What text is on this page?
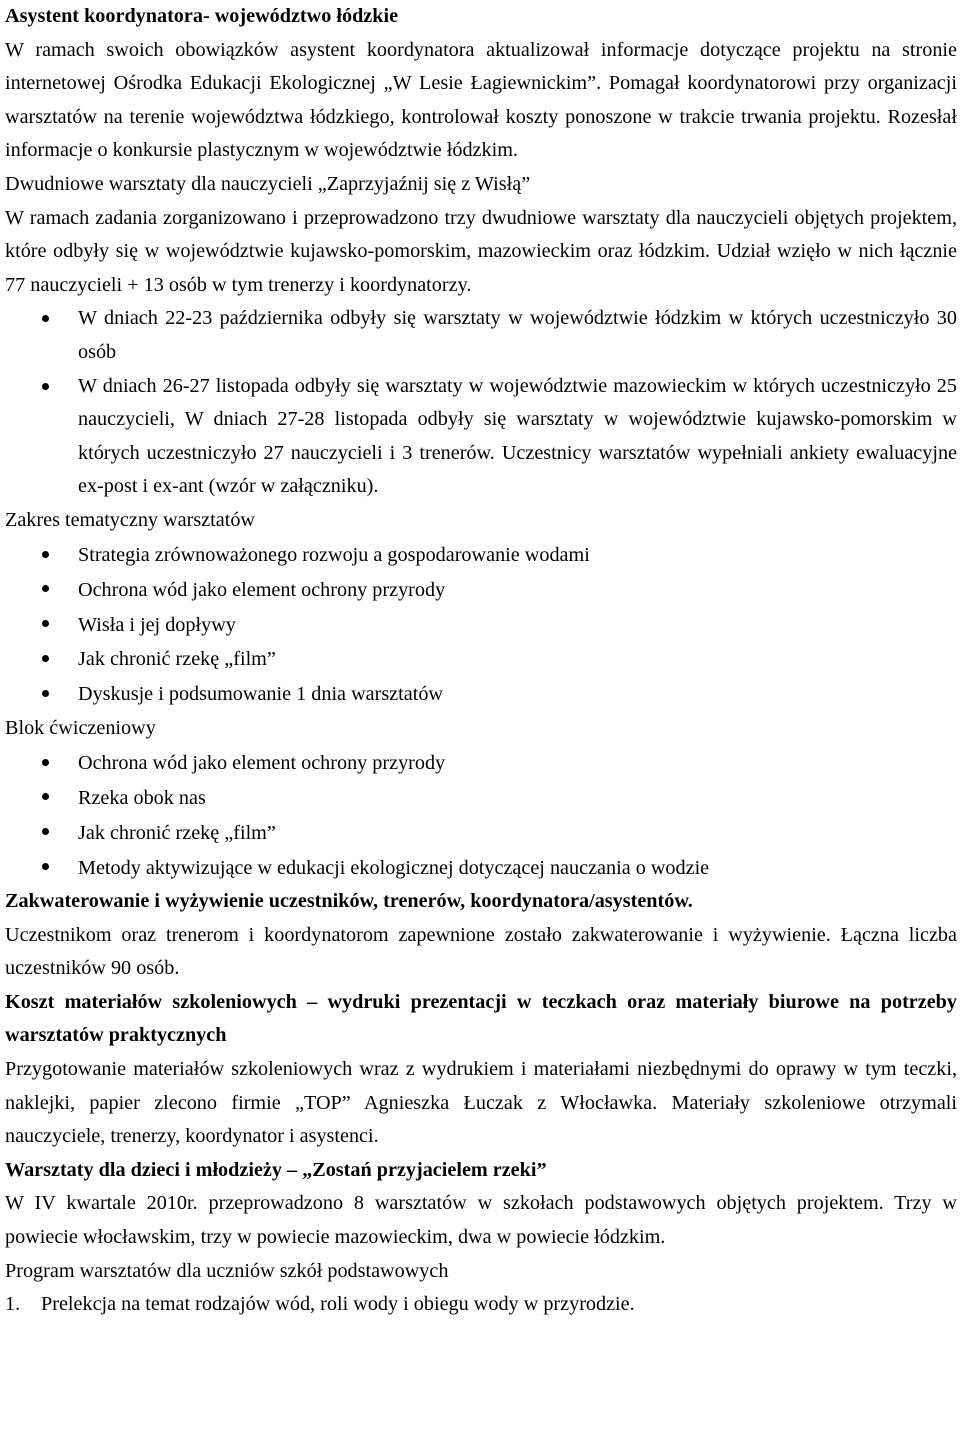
Asystent koordynatora- województwo łódzkie

W ramach swoich obowiązków asystent koordynatora aktualizował informacje dotyczące projektu na stronie internetowej Ośrodka Edukacji Ekologicznej „W Lesie Łagiewnickim”. Pomagał koordynatorowi przy organizacji warsztatów na terenie województwa łódzkiego, kontrolował koszty ponoszone w trakcie trwania projektu. Rozesłał informacje o konkursie plastycznym w województwie łódzkim.

Dwudniowe warsztaty dla nauczycieli „Zaprzyjaźnij się z Wisłą”

W ramach zadania zorganizowano i przeprowadzono trzy dwudniowe warsztaty dla nauczycieli objętych projektem, które odbyły się w województwie kujawsko-pomorskim, mazowieckim oraz łódzkim. Udział wzięło w nich łącznie 77 nauczycieli + 13 osób w tym trenerzy i koordynatorzy.

W dniach 22-23 października odbyły się warsztaty w województwie łódzkim w których uczestniczyło 30 osób
W dniach 26-27 listopada odbyły się warsztaty w województwie mazowieckim w których uczestniczyło 25 nauczycieli, W dniach 27-28 listopada odbyły się warsztaty w województwie kujawsko-pomorskim w których uczestniczyło 27 nauczycieli i 3 trenerów. Uczestnicy warsztatów wypełniali ankiety ewaluacyjne ex-post i ex-ant (wzór w załączniku).

Zakres tematyczny warsztatów

Strategia zrównoważonego rozwoju a gospodarowanie wodami
Ochrona wód jako element ochrony przyrody
Wisła i jej dopływy
Jak chronić rzekę „film”
Dyskusje i podsumowanie 1 dnia warsztatów

Blok ćwiczeniowy

Ochrona wód jako element ochrony przyrody
Rzeka obok nas
Jak chronić rzekę „film”
Metody aktywizujące w edukacji ekologicznej dotyczącej nauczania o wodzie

Zakwaterowanie i wyżywienie uczestników, trenerów, koordynatora/asystentów.

Uczestnikom oraz trenerom i koordynatorom zapewnione zostało zakwaterowanie i wyżywienie. Łączna liczba uczestników 90 osób.

Koszt materiałów szkoleniowych – wydruki prezentacji w teczkach oraz materiały biurowe na potrzeby warsztatów praktycznych

Przygotowanie materiałów szkoleniowych wraz z wydrukiem i materiałami niezbędnymi do oprawy w tym teczki, naklejki, papier zlecono firmie „TOP” Agnieszka Łuczak z Włocławka. Materiały szkoleniowe otrzymali nauczyciele, trenerzy, koordynator i asystenci.

Warsztaty dla dzieci i młodzieży – „Zostań przyjacielem rzeki”

W IV kwartale 2010r. przeprowadzono 8 warsztatów w szkołach podstawowych objętych projektem. Trzy w powiecie włocławskim, trzy w powiecie mazowieckim, dwa w powiecie łódzkim.

Program warsztatów dla uczniów szkół podstawowych

1. Prelekcja na temat rodzajów wód, roli wody i obiegu wody w przyrodzie.
